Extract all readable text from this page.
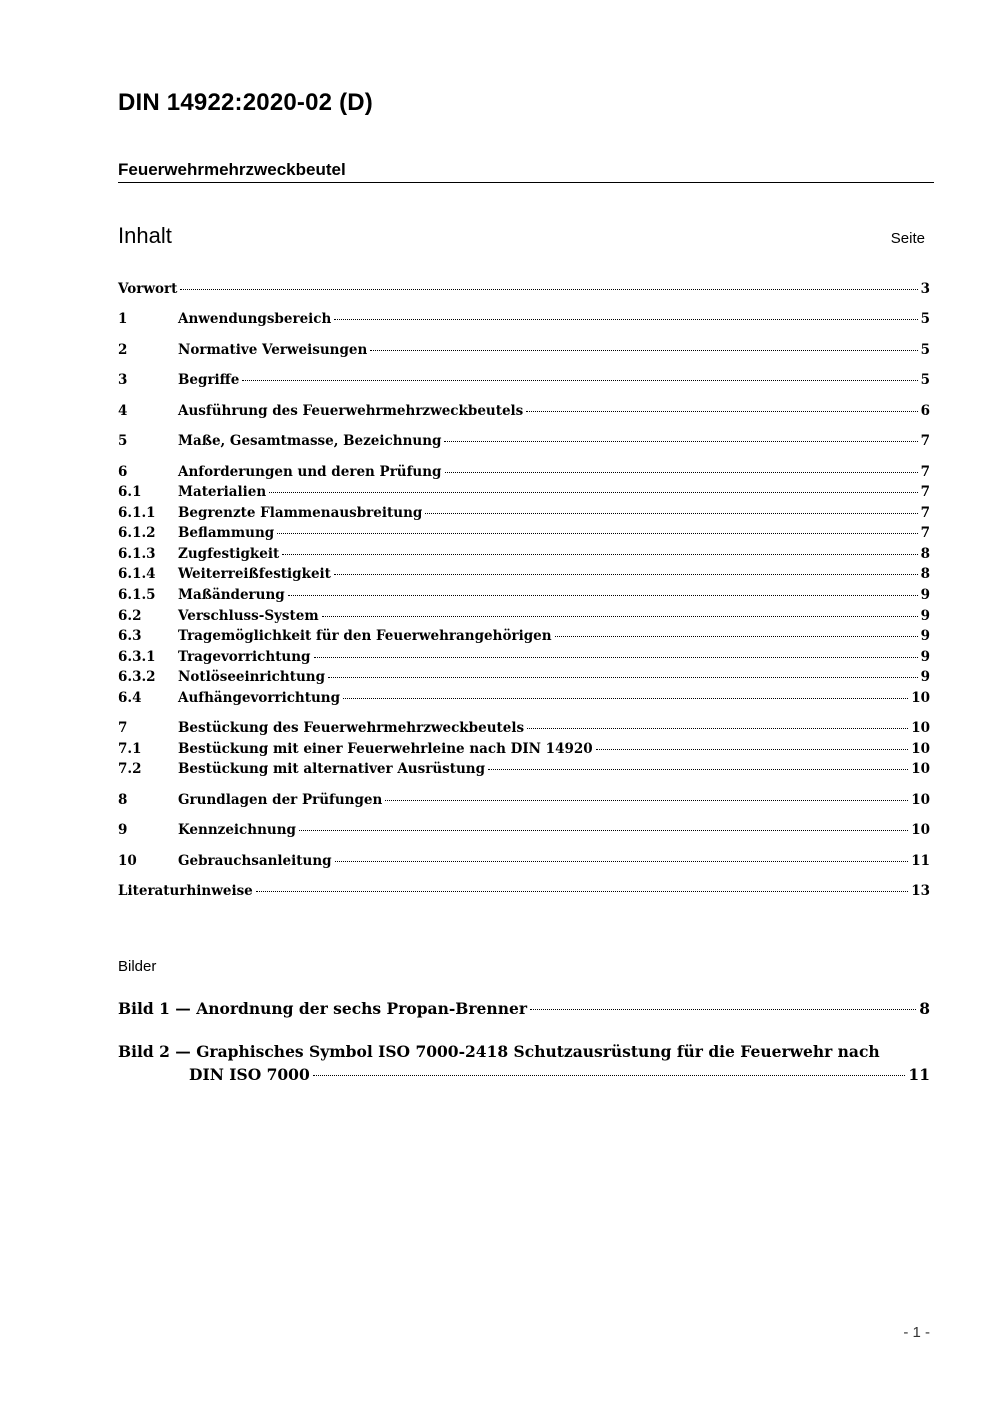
DIN 14922:2020-02 (D)
Feuerwehrmehrzweckbeutel
Inhalt	Seite
Vorwort	3
1	Anwendungsbereich	5
2	Normative Verweisungen	5
3	Begriffe	5
4	Ausführung des Feuerwehrmehrzweckbeutels	6
5	Maße, Gesamtmasse, Bezeichnung	7
6	Anforderungen und deren Prüfung	7
6.1	Materialien	7
6.1.1	Begrenzte Flammenausbreitung	7
6.1.2	Beflammung	7
6.1.3	Zugfestigkeit	8
6.1.4	Weiterreißfestigkeit	8
6.1.5	Maßänderung	9
6.2	Verschluss-System	9
6.3	Tragemöglichkeit für den Feuerwehrangehörigen	9
6.3.1	Tragevorrichtung	9
6.3.2	Notlöseeinrichtung	9
6.4	Aufhängevorrichtung	10
7	Bestückung des Feuerwehrmehrzweckbeutels	10
7.1	Bestückung mit einer Feuerwehrleine nach DIN 14920	10
7.2	Bestückung mit alternativer Ausrüstung	10
8	Grundlagen der Prüfungen	10
9	Kennzeichnung	10
10	Gebrauchsanleitung	11
Literaturhinweise	13
Bilder
Bild 1 — Anordnung der sechs Propan-Brenner	8
Bild 2 — Graphisches Symbol ISO 7000-2418 Schutzausrüstung für die Feuerwehr nach
DIN ISO 7000	11
- 1 -
